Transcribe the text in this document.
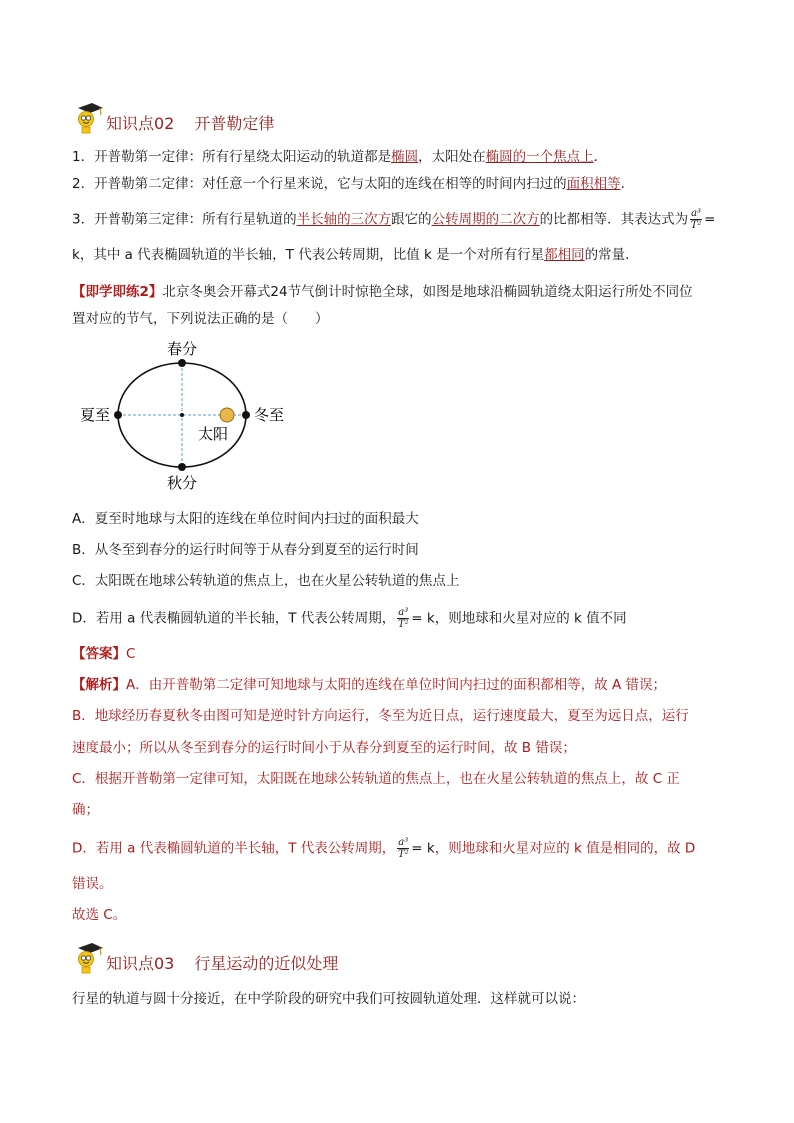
知识点02 开普勒定律
1．开普勒第一定律：所有行星绕太阳运动的轨道都是椭圆，太阳处在椭圆的一个焦点上．
2．开普勒第二定律：对任意一个行星来说，它与太阳的连线在相等的时间内扫过的面积相等．
3．开普勒第三定律：所有行星轨道的半长轴的三次方跟它的公转周期的二次方的比都相等．其表达式为 $\frac{\text{a³}}{\text{T²}}$ =
k，其中 a 代表椭圆轨道的半长轴，T 代表公转周期，比值 k 是一个对所有行星都相同的常量．
【即学即练2】北京冬奥会开幕式24节气倒计时惊艳全球，如图是地球沿椭圆轨道绕太阳运行所处不同位
置对应的节气，下列说法正确的是（　　）
春分
秋分
夏至	冬至
太阳
A．夏至时地球与太阳的连线在单位时间内扫过的面积最大
B．从冬至到春分的运行时间等于从春分到夏至的运行时间
C．太阳既在地球公转轨道的焦点上，也在火星公转轨道的焦点上
D．若用 a 代表椭圆轨道的半长轴，T 代表公转周期， $\frac{\text{a³}}{\text{T²}} = k$，则地球和火星对应的 k 值不同
【答案】C
【解析】A．由开普勒第二定律可知地球与太阳的连线在单位时间内扫过的面积都相等，故 A 错误；
B．地球经历春夏秋冬由图可知是逆时针方向运行，冬至为近日点，运行速度最大，夏至为远日点，运行
速度最小；所以从冬至到春分的运行时间小于从春分到夏至的运行时间，故 B 错误；
C．根据开普勒第一定律可知，太阳既在地球公转轨道的焦点上，也在火星公转轨道的焦点上，故 C 正
确；
D．若用 a 代表椭圆轨道的半长轴，T 代表公转周期， $\frac{\text{a³}}{\text{T²}} = k$，则地球和火星对应的 k 值是相同的，故 D
错误。
故选 C。
知识点03 行星运动的近似处理
行星的轨道与圆十分接近，在中学阶段的研究中我们可按圆轨道处理．这样就可以说：
